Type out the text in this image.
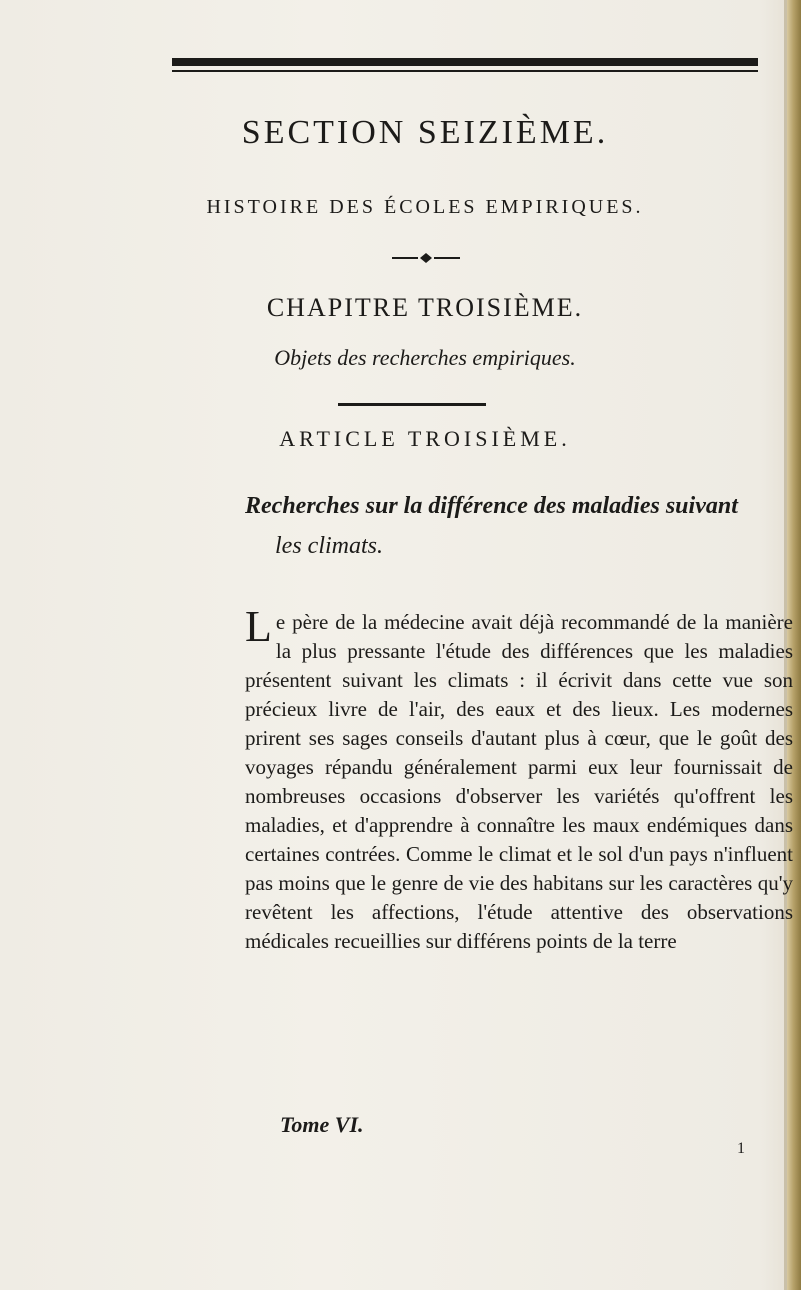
SECTION SEIZIÈME.
HISTOIRE DES ÉCOLES EMPIRIQUES.
CHAPITRE TROISIÈME.
Objets des recherches empiriques.
ARTICLE TROISIÈME.
Recherches sur la différence des maladies suivant
les climats.

Le père de la médecine avait déjà recommandé de la manière la plus pressante l'étude des différences que les maladies présentent suivant les climats : il écrivit dans cette vue son précieux livre de l'air, des eaux et des lieux. Les modernes prirent ses sages conseils d'autant plus à cœur, que le goût des voyages répandu généralement parmi eux leur fournissait de nombreuses occasions d'observer les variétés qu'offrent les maladies, et d'apprendre à connaître les maux endémiques dans certaines contrées. Comme le climat et le sol d'un pays n'influent pas moins que le genre de vie des habitans sur les caractères qu'y revêtent les affections, l'étude attentive des observations médicales recueillies sur différens points de la terre

Tome VI.
1
